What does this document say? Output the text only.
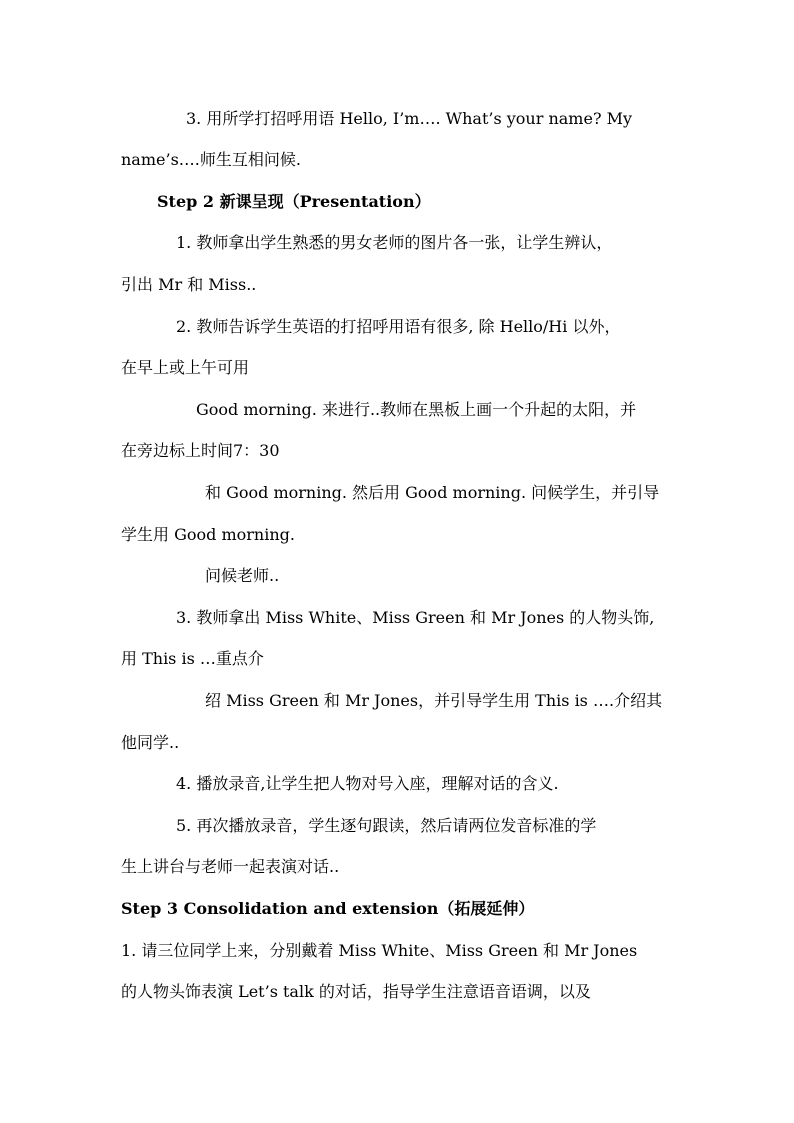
3. 用所学打招呼用语 Hello, I’m…. What’s your name? My
name’s….师生互相问候.
Step 2 新课呈现（Presentation）
1. 教师拿出学生熟悉的男女老师的图片各一张，让学生辨认，
引出 Mr 和 Miss..
2. 教师告诉学生英语的打招呼用语有很多, 除 Hello/Hi 以外，
在早上或上午可用
Good morning. 来进行..教师在黑板上画一个升起的太阳，并
在旁边标上时间7：30
和 Good morning. 然后用 Good morning. 问候学生，并引导
学生用 Good morning.
问候老师..
3. 教师拿出 Miss White、Miss Green 和 Mr Jones 的人物头饰,
用 This is …重点介
绍 Miss Green 和 Mr Jones，并引导学生用 This is ….介绍其
他同学..
4. 播放录音,让学生把人物对号入座，理解对话的含义.
5. 再次播放录音，学生逐句跟读，然后请两位发音标准的学
生上讲台与老师一起表演对话..
Step 3 Consolidation and extension（拓展延伸）
1. 请三位同学上来，分别戴着 Miss White、Miss Green 和 Mr Jones
的人物头饰表演 Let’s talk 的对话，指导学生注意语音语调，以及
